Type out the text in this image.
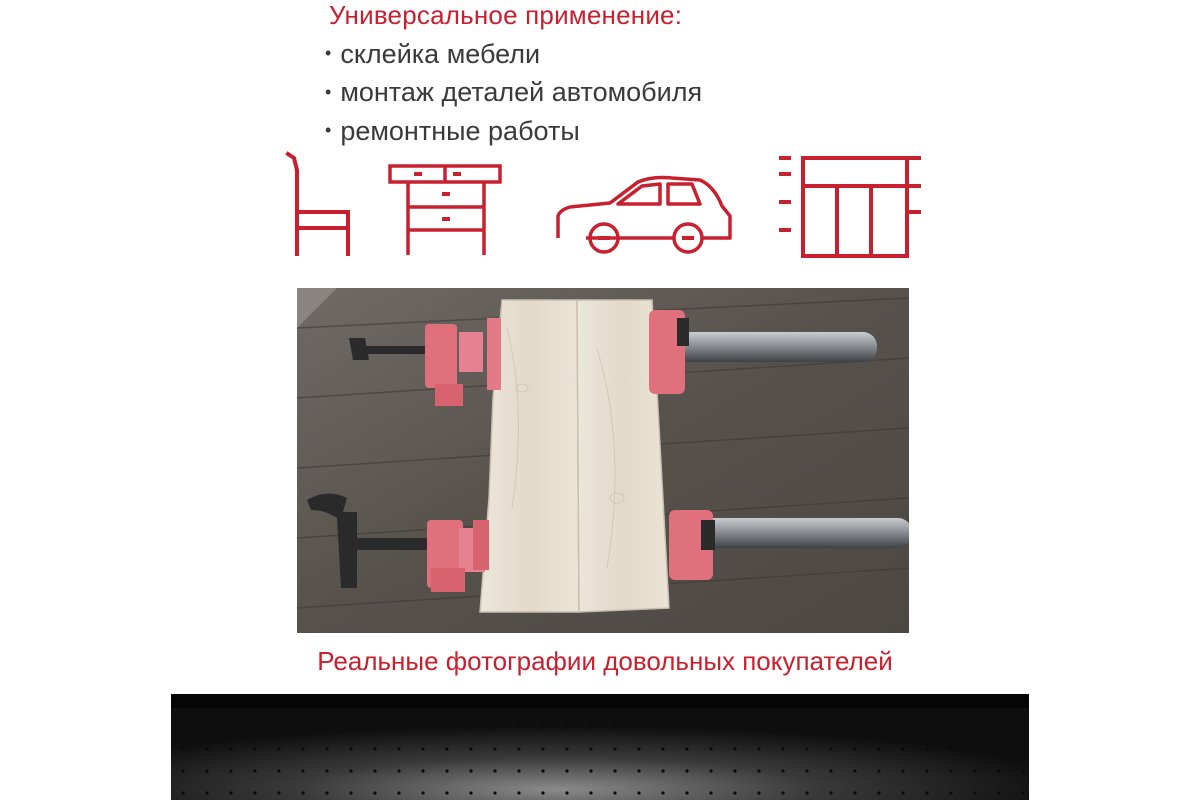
Универсальное применение:
• склейка мебели
• монтаж деталей автомобиля
• ремонтные работы
Реальные фотографии довольных покупателей
